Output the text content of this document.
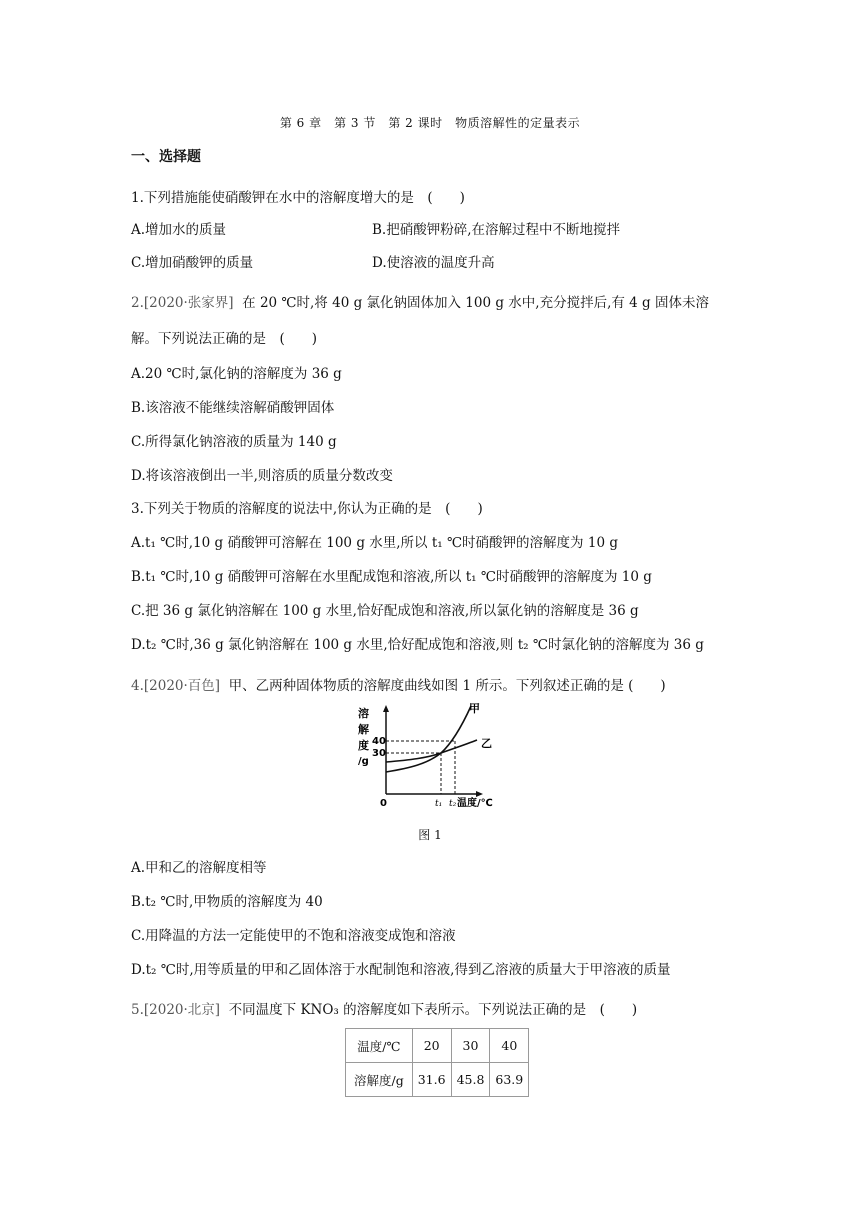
第 6 章　第 3 节　第 2 课时　物质溶解性的定量表示
一、选择题
1.下列措施能使硝酸钾在水中的溶解度增大的是　(　　)
A.增加水的质量	B.把硝酸钾粉碎,在溶解过程中不断地搅拌
C.增加硝酸钾的质量	D.使溶液的温度升高
2.[2020·张家界] 在 20 ℃时,将 40 g 氯化钠固体加入 100 g 水中,充分搅拌后,有 4 g 固体未溶
解。下列说法正确的是　(　　)
A.20 ℃时,氯化钠的溶解度为 36 g
B.该溶液不能继续溶解硝酸钾固体
C.所得氯化钠溶液的质量为 140 g
D.将该溶液倒出一半,则溶质的质量分数改变
3.下列关于物质的溶解度的说法中,你认为正确的是　(　　)
A.t₁ ℃时,10 g 硝酸钾可溶解在 100 g 水里,所以 t₁ ℃时硝酸钾的溶解度为 10 g
B.t₁ ℃时,10 g 硝酸钾可溶解在水里配成饱和溶液,所以 t₁ ℃时硝酸钾的溶解度为 10 g
C.把 36 g 氯化钠溶解在 100 g 水里,恰好配成饱和溶液,所以氯化钠的溶解度是 36 g
D.t₂ ℃时,36 g 氯化钠溶解在 100 g 水里,恰好配成饱和溶液,则 t₂ ℃时氯化钠的溶解度为 36 g
4.[2020·百色] 甲、乙两种固体物质的溶解度曲线如图 1 所示。下列叙述正确的是 (　　)
溶
解
度
/g
40
30
0	t₁ t₂ 温度/℃
甲
乙
图 1
A.甲和乙的溶解度相等
B.t₂ ℃时,甲物质的溶解度为 40
C.用降温的方法一定能使甲的不饱和溶液变成饱和溶液
D.t₂ ℃时,用等质量的甲和乙固体溶于水配制饱和溶液,得到乙溶液的质量大于甲溶液的质量
5.[2020·北京] 不同温度下 KNO₃ 的溶解度如下表所示。下列说法正确的是　(　　)
温度/℃	20	30	40
溶解度/g	31.6	45.8	63.9
